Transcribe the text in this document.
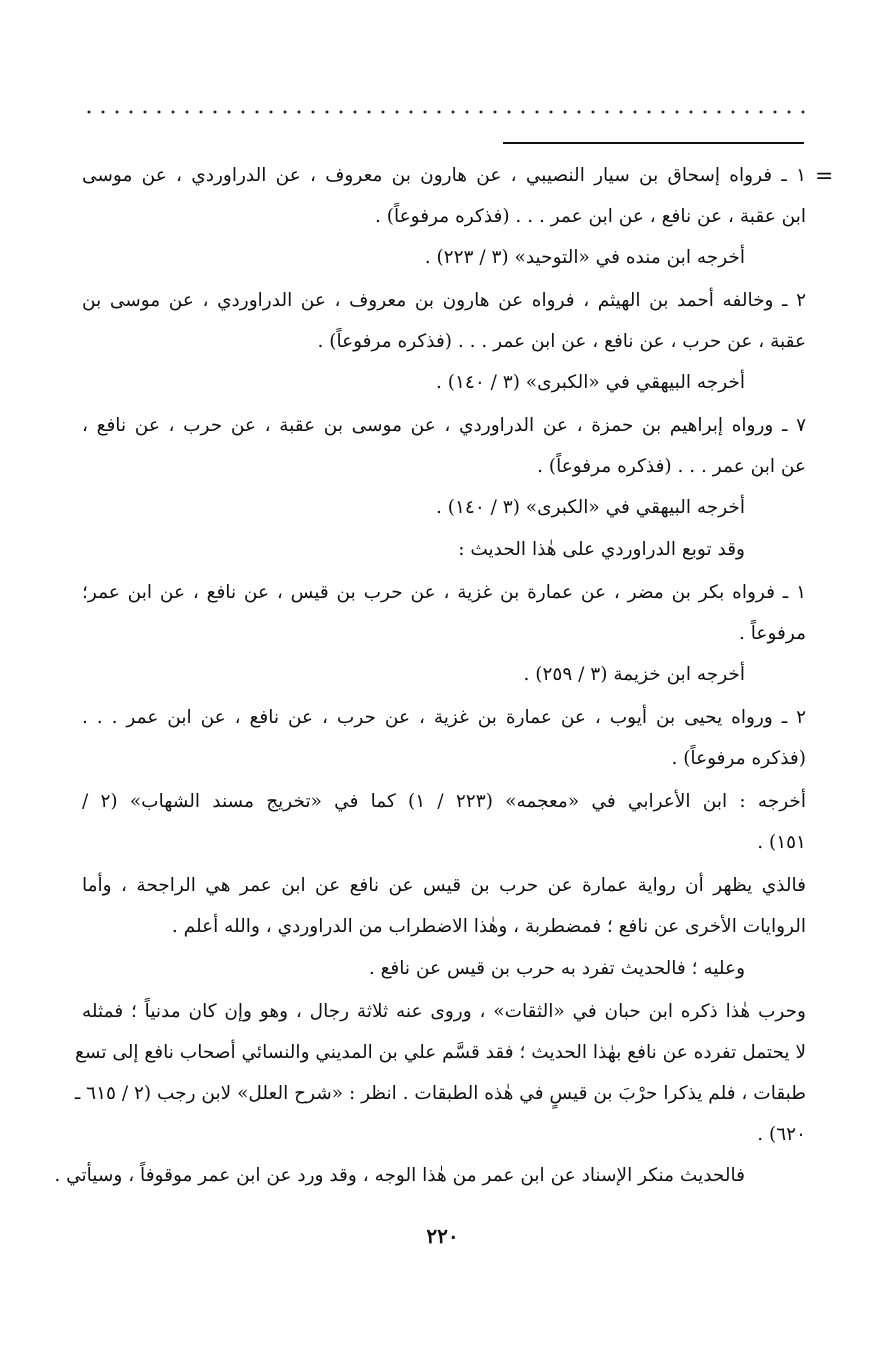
=
١ ـ فرواه إسحاق بن سيار النصيبي ، عن هارون بن معروف ، عن الدراوردي ، عن موسى
ابن عقبة ، عن نافع ، عن ابن عمر . . . (فذكره مرفوعاً) .
أخرجه ابن منده في «التوحيد» (٣ / ٢٢٣) .
٢ ـ وخالفه أحمد بن الهيثم ، فرواه عن هارون بن معروف ، عن الدراوردي ، عن موسى بن
عقبة ، عن حرب ، عن نافع ، عن ابن عمر . . . (فذكره مرفوعاً) .
أخرجه البيهقي في «الكبرى» (٣ / ١٤٠) .
٧ ـ ورواه إبراهيم بن حمزة ، عن الدراوردي ، عن موسى بن عقبة ، عن حرب ، عن نافع ،
عن ابن عمر . . . (فذكره مرفوعاً) .
أخرجه البيهقي في «الكبرى» (٣ / ١٤٠) .
وقد توبع الدراوردي على هٰذا الحديث :
١ ـ فرواه بكر بن مضر ، عن عمارة بن غزية ، عن حرب بن قيس ، عن نافع ، عن ابن عمر؛
مرفوعاً .
أخرجه ابن خزيمة (٣ / ٢٥٩) .
٢ ـ ورواه يحيى بن أيوب ، عن عمارة بن غزية ، عن حرب ، عن نافع ، عن ابن عمر . . .
(فذكره مرفوعاً) .
أخرجه : ابن الأعرابي في «معجمه» (٢٢٣ / ١) كما في «تخريج مسند الشهاب» (٢ /
١٥١) .
فالذي يظهر أن رواية عمارة عن حرب بن قيس عن نافع عن ابن عمر هي الراجحة ، وأما
الروايات الأخرى عن نافع ؛ فمضطربة ، وهٰذا الاضطراب من الدراوردي ، والله أعلم .
وعليه ؛ فالحديث تفرد به حرب بن قيس عن نافع .
وحرب هٰذا ذكره ابن حبان في «الثقات» ، وروى عنه ثلاثة رجال ، وهو وإن كان مدنياً ؛ فمثله
لا يحتمل تفرده عن نافع بهٰذا الحديث ؛ فقد قسَّم علي بن المديني والنسائي أصحاب نافع إلى تسع
طبقات ، فلم يذكرا حرْبَ بن قيسٍ في هٰذه الطبقات . انظر : «شرح العلل» لابن رجب (٢ / ٦١٥ ـ
٦٢٠) .
فالحديث منكر الإسناد عن ابن عمر من هٰذا الوجه ، وقد ورد عن ابن عمر موقوفاً ، وسيأتي .
٢٢٠
